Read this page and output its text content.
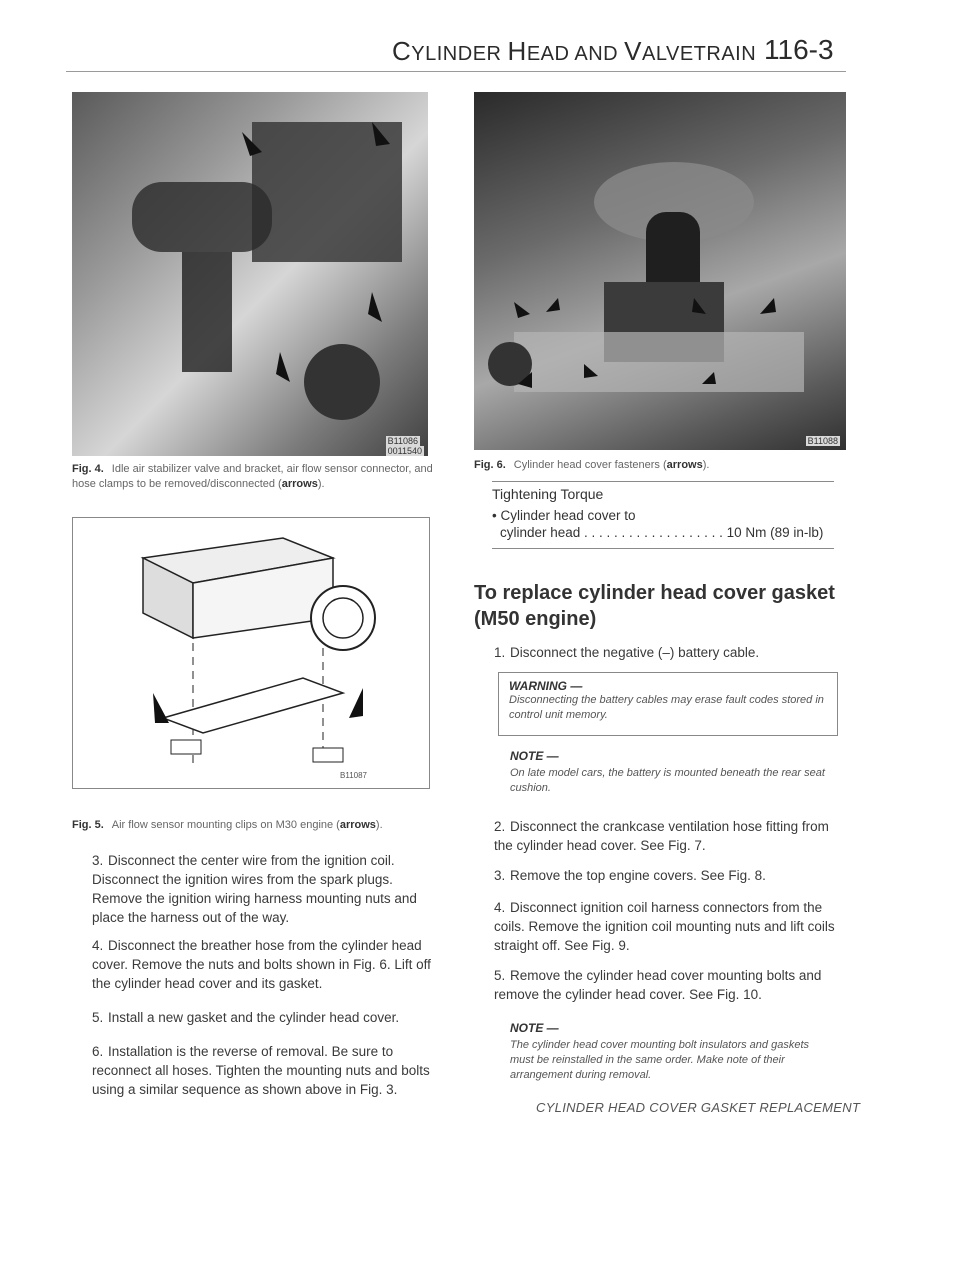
CYLINDER HEAD AND VALVETRAIN 116-3
B11086
0011540
Fig. 4. Idle air stabilizer valve and bracket, air flow sensor connector, and hose clamps to be removed/disconnected (arrows).
B11087
Fig. 5. Air flow sensor mounting clips on M30 engine (arrows).
3. Disconnect the center wire from the ignition coil. Disconnect the ignition wires from the spark plugs. Remove the ignition wiring harness mounting nuts and place the harness out of the way.
4. Disconnect the breather hose from the cylinder head cover. Remove the nuts and bolts shown in Fig. 6. Lift off the cylinder head cover and its gasket.
5. Install a new gasket and the cylinder head cover.
6. Installation is the reverse of removal. Be sure to reconnect all hoses. Tighten the mounting nuts and bolts using a similar sequence as shown above in Fig. 3.
B11088
Fig. 6. Cylinder head cover fasteners (arrows).
Tightening Torque
• Cylinder head cover to
cylinder head . . . . . . . . . . . . . . . . . . . 10 Nm (89 in-lb)
To replace cylinder head cover gasket
(M50 engine)
1. Disconnect the negative (–) battery cable.
WARNING —
Disconnecting the battery cables may erase fault codes stored in control unit memory.
NOTE —
On late model cars, the battery is mounted beneath the rear seat cushion.
2. Disconnect the crankcase ventilation hose fitting from the cylinder head cover. See Fig. 7.
3. Remove the top engine covers. See Fig. 8.
4. Disconnect ignition coil harness connectors from the coils. Remove the ignition coil mounting nuts and lift coils straight off. See Fig. 9.
5. Remove the cylinder head cover mounting bolts and remove the cylinder head cover. See Fig. 10.
NOTE —
The cylinder head cover mounting bolt insulators and gaskets must be reinstalled in the same order. Make note of their arrangement during removal.
CYLINDER HEAD COVER GASKET REPLACEMENT
